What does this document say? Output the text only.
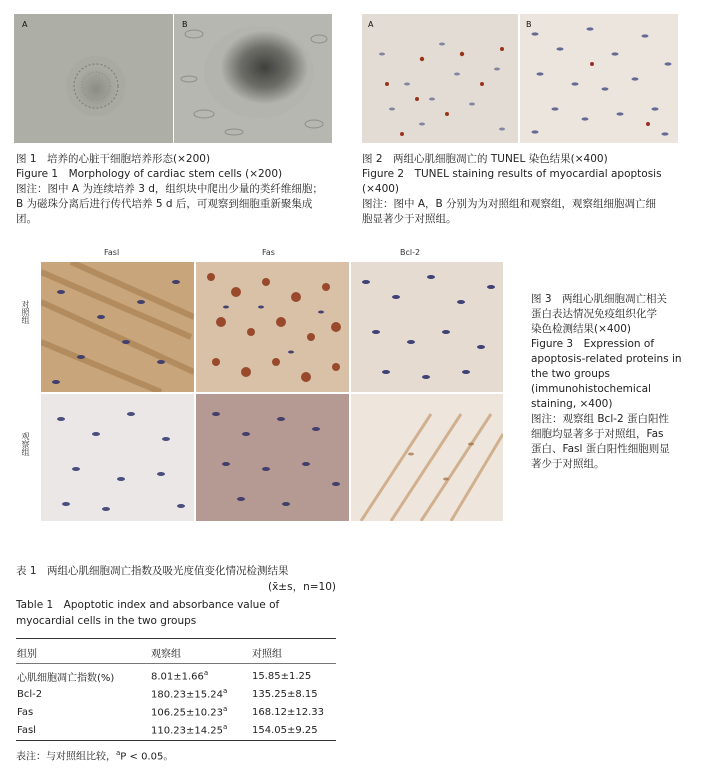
A	B

图 1　培养的心脏干细胞培养形态(×200)

Figure 1　Morphology of cardiac stem cells (×200)

图注：图中 A 为连续培养 3 d，组织块中爬出少量的类纤维细胞；

B 为磁珠分离后进行传代培养 5 d 后，可观察到细胞重新聚集成

团。

A	B

图 2　两组心肌细胞凋亡的 TUNEL 染色结果(×400)

Figure 2　TUNEL staining results of myocardial apoptosis (×400)

图注：图中 A，B 分别为为对照组和观察组，观察组细胞凋亡细

胞显著少于对照组。

Fasl	Fas	Bcl-2
对照组
观察组

图 3　两组心肌细胞凋亡相关

蛋白表达情况免疫组织化学

染色检测结果(×400)

Figure 3　Expression of

apoptosis-related proteins in

the two groups

(immunohistochemical

staining, ×400)

图注：观察组 Bcl-2 蛋白阳性

细胞均显著多于对照组，Fas

蛋白、Fasl 蛋白阳性细胞则显

著少于对照组。

表 1　两组心肌细胞凋亡指数及吸光度值变化情况检测结果
(x̄±s，n=10)
Table 1　Apoptotic index and absorbance value of
myocardial cells in the two groups
组别	观察组	对照组

心肌细胞凋亡指数(%)	8.01±1.66$^a$	15.85±1.25
Bcl-2	180.23±15.24$^a$	135.25±8.15
Fas	106.25±10.23$^a$	168.12±12.33
Fasl	110.23±14.25$^a$	154.05±9.25
表注：与对照组比较，$^a$P < 0.05。
